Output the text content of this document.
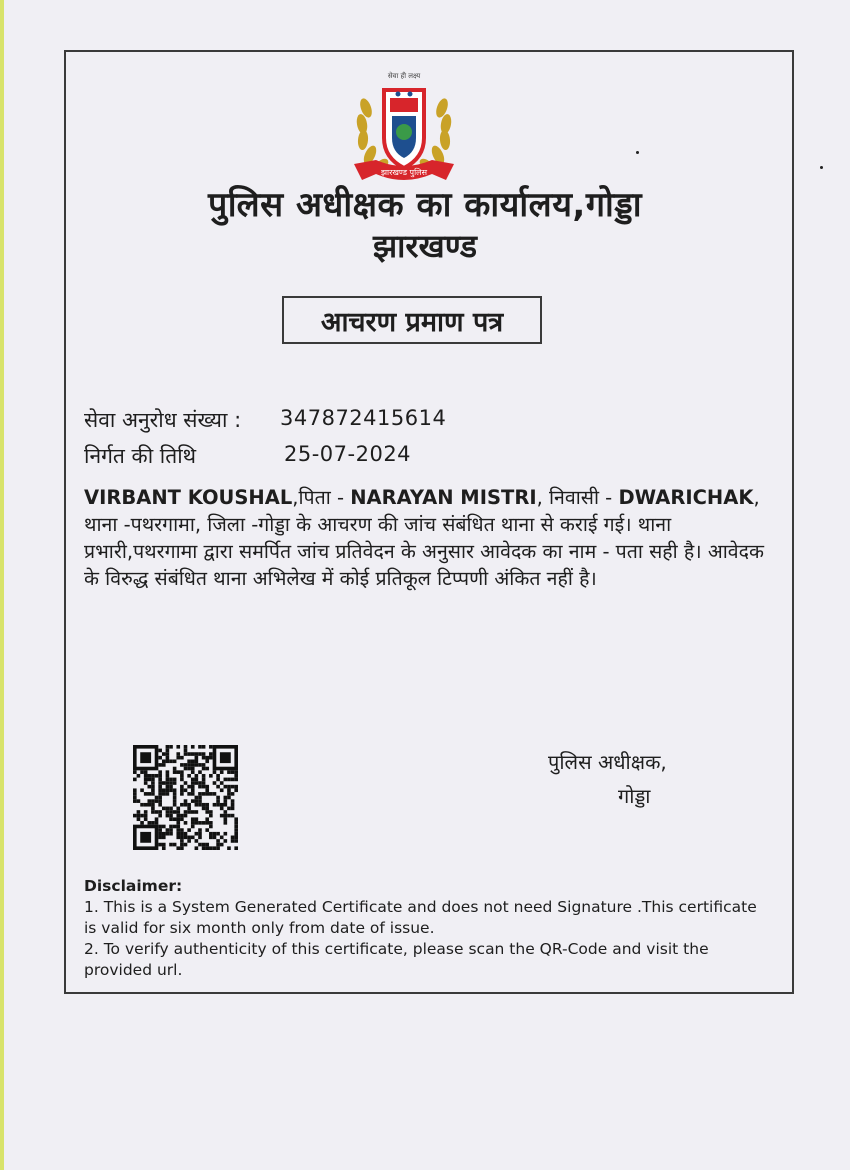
झारखण्ड पुलिस
सेवा ही लक्ष्य
पुलिस अधीक्षक का कार्यालय,गोड्डा
झारखण्ड
आचरण प्रमाण पत्र
सेवा अनुरोध संख्या : 347872415614
निर्गत की तिथि	25-07-2024
VIRBANT KOUSHAL,पिता - NARAYAN MISTRI, निवासी - DWARICHAK, थाना -पथरगामा, जिला -गोड्डा के आचरण की जांच संबंधित थाना से कराई गई। थाना प्रभारी,पथरगामा द्वारा समर्पित जांच प्रतिवेदन के अनुसार आवेदक का नाम - पता सही है। आवेदक के विरुद्ध संबंधित थाना अभिलेख में कोई प्रतिकूल टिप्पणी अंकित नहीं है।
पुलिस अधीक्षक,
गोड्डा
Disclaimer:
1. This is a System Generated Certificate and does not need Signature .This certificate is valid for six month only from date of issue.
2. To verify authenticity of this certificate, please scan the QR-Code and visit the provided url.
